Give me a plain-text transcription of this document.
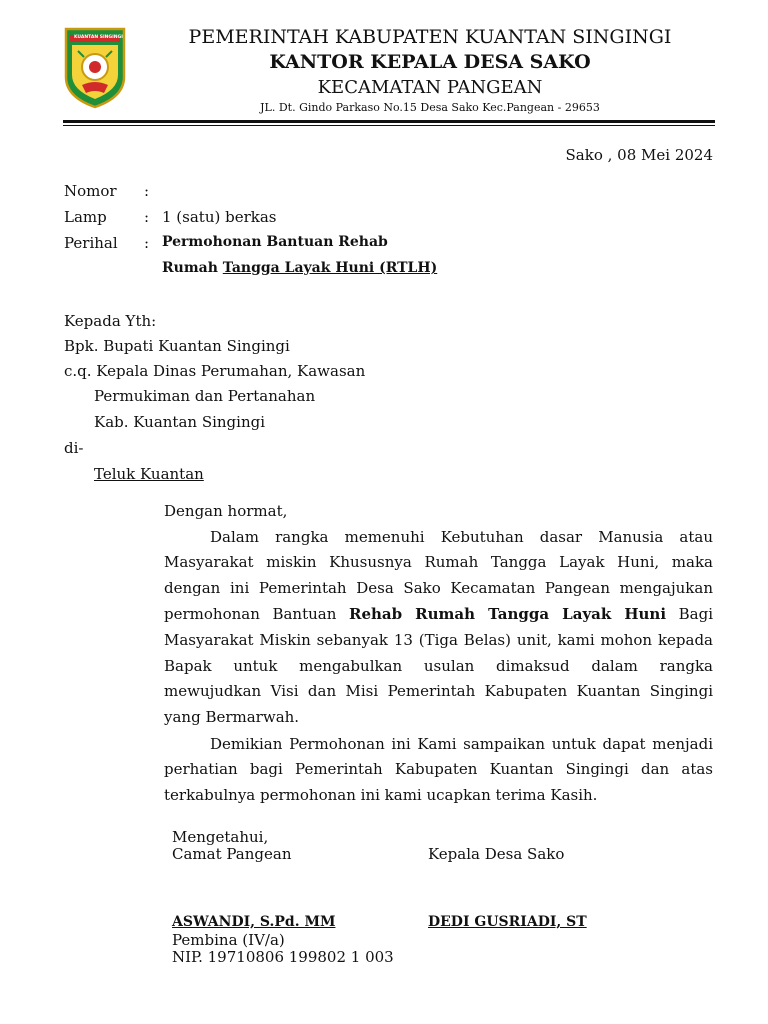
KUANTAN SINGINGI	PEMERINTAH KABUPATEN KUANTAN SINGINGI
KANTOR KEPALA DESA SAKO
KECAMATAN PANGEAN
JL. Dt. Gindo Parkaso No.15 Desa Sako Kec.Pangean - 29653
Sako , 08 Mei 2024
Nomor :
Lamp : 1 (satu) berkas
Perihal : Permohonan Bantuan Rehab
Rumah Tangga Layak Huni (RTLH)
Kepada Yth:
Bpk. Bupati Kuantan Singingi
c.q. Kepala Dinas Perumahan, Kawasan
Permukiman dan Pertanahan
Kab. Kuantan Singingi
di-
Teluk Kuantan
Dengan hormat,
Dalam rangka memenuhi Kebutuhan dasar Manusia atau
Masyarakat miskin Khususnya Rumah Tangga Layak Huni, maka
dengan ini Pemerintah Desa Sako Kecamatan Pangean mengajukan
permohonan Bantuan Rehab Rumah Tangga Layak Huni Bagi
Masyarakat Miskin sebanyak 13 (Tiga Belas) unit, kami mohon kepada
Bapak untuk mengabulkan usulan dimaksud dalam rangka
mewujudkan Visi dan Misi Pemerintah Kabupaten Kuantan Singingi
yang Bermarwah.
Demikian Permohonan ini Kami sampaikan untuk dapat menjadi
perhatian bagi Pemerintah Kabupaten Kuantan Singingi dan atas
terkabulnya permohonan ini kami ucapkan terima Kasih.
Mengetahui,
Camat Pangean	Kepala Desa Sako
ASWANDI, S.Pd. MM	DEDI GUSRIADI, ST
Pembina (IV/a)
NIP. 19710806 199802 1 003
